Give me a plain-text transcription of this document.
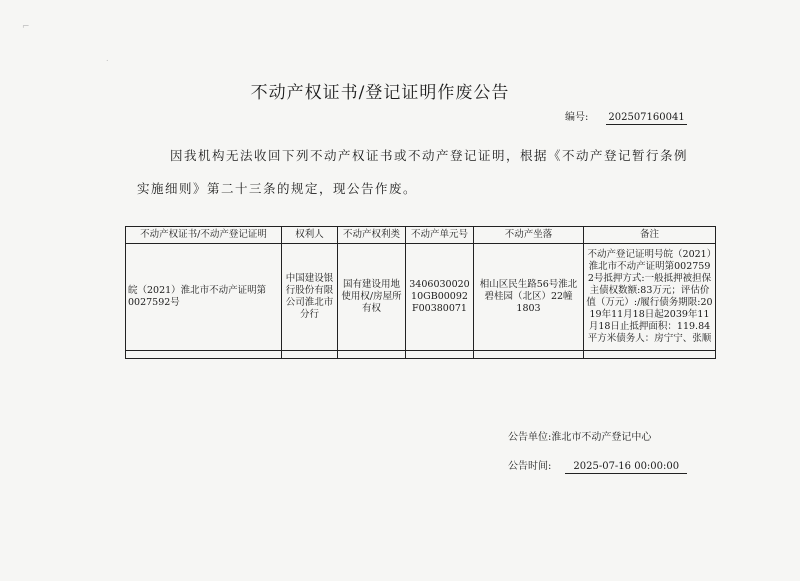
⌐
˙
不动产权证书/登记证明作废公告
编号: 202507160041
因我机构无法收回下列不动产权证书或不动产登记证明，根据《不动产登记暂行条例
实施细则》第二十三条的规定，现公告作废。
不动产权证书/不动产登记证明	权利人	不动产权利类	不动产单元号	不动产坐落	备注
皖（2021）淮北市不动产证明第0027592号	中国建设银行股份有限公司淮北市分行	国有建设用地使用权/房屋所有权	340603002010GB00092F00380071	相山区民生路56号淮北碧桂园（北区）22幢1803	不动产登记证明号皖（2021）淮北市不动产证明第0027592号抵押方式:一般抵押被担保主债权数额:83万元；评估价值（万元）:/履行债务期限:2019年11月18日起2039年11月18日止抵押面积：119.84平方米债务人：房宁宁、张顺

公告单位:淮北市不动产登记中心
公告时间: 2025-07-16 00:00:00
